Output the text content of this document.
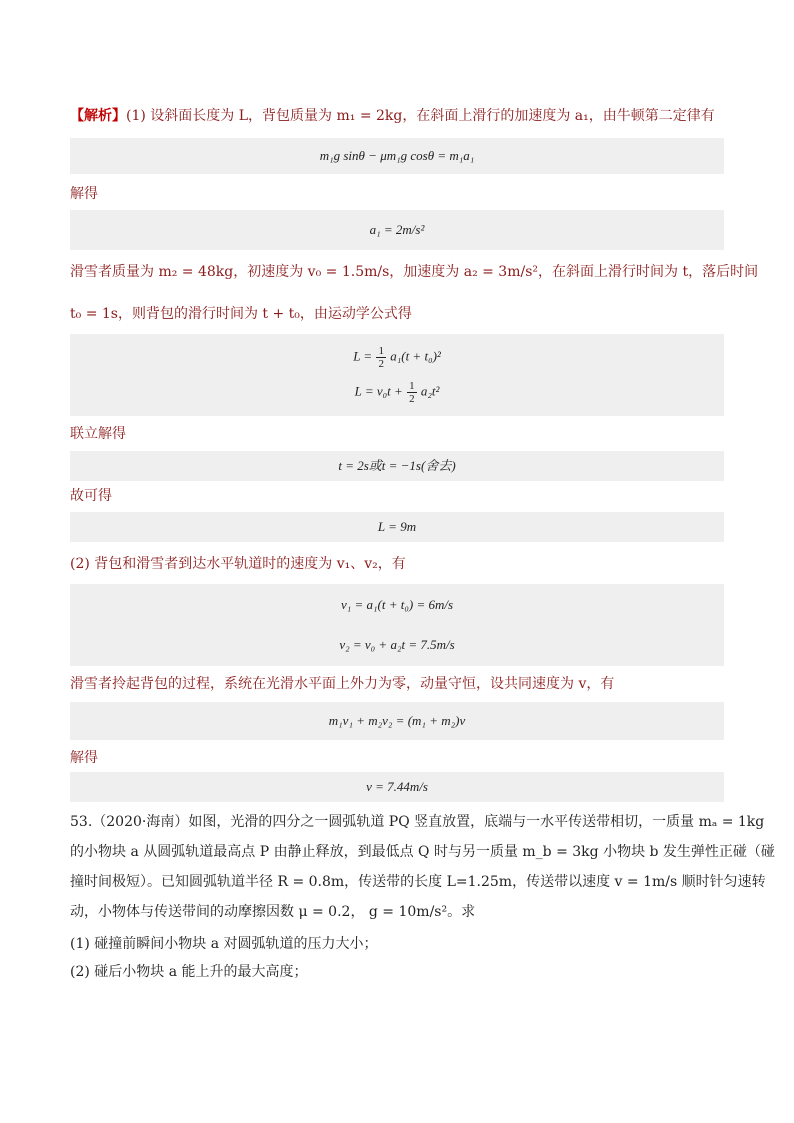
【解析】(1) 设斜面长度为 L，背包质量为 m₁ = 2kg，在斜面上滑行的加速度为 a₁，由牛顿第二定律有
m₁g sinθ − μm₁g cosθ = m₁a₁
解得
a₁ = 2m/s²
滑雪者质量为 m₂ = 48kg，初速度为 v₀ = 1.5m/s，加速度为 a₂ = 3m/s²，在斜面上滑行时间为 t，落后时间
t₀ = 1s，则背包的滑行时间为 t + t₀，由运动学公式得
$L = \frac{1}{2} a_1(t + t_0)^2$
$L = v_0t + \frac{1}{2} a_2t^2$
联立解得
t = 2s或t = −1s(舍去)
故可得
L = 9m
(2) 背包和滑雪者到达水平轨道时的速度为 v₁、v₂，有
v₁ = a₁(t + t₀) = 6m/s
v₂ = v₀ + a₂t = 7.5m/s
滑雪者拎起背包的过程，系统在光滑水平面上外力为零，动量守恒，设共同速度为 v，有
m₁v₁ + m₂v₂ = (m₁ + m₂)v
解得
v = 7.44m/s
53.（2020·海南）如图，光滑的四分之一圆弧轨道 PQ 竖直放置，底端与一水平传送带相切，一质量 mₐ = 1kg
的小物块 a 从圆弧轨道最高点 P 由静止释放，到最低点 Q 时与另一质量 m_b = 3kg 小物块 b 发生弹性正碰（碰
撞时间极短）。已知圆弧轨道半径 R = 0.8m，传送带的长度 L=1.25m，传送带以速度 v = 1m/s 顺时针匀速转
动，小物体与传送带间的动摩擦因数 μ = 0.2， g = 10m/s²。求
(1) 碰撞前瞬间小物块 a 对圆弧轨道的压力大小；
(2) 碰后小物块 a 能上升的最大高度；
